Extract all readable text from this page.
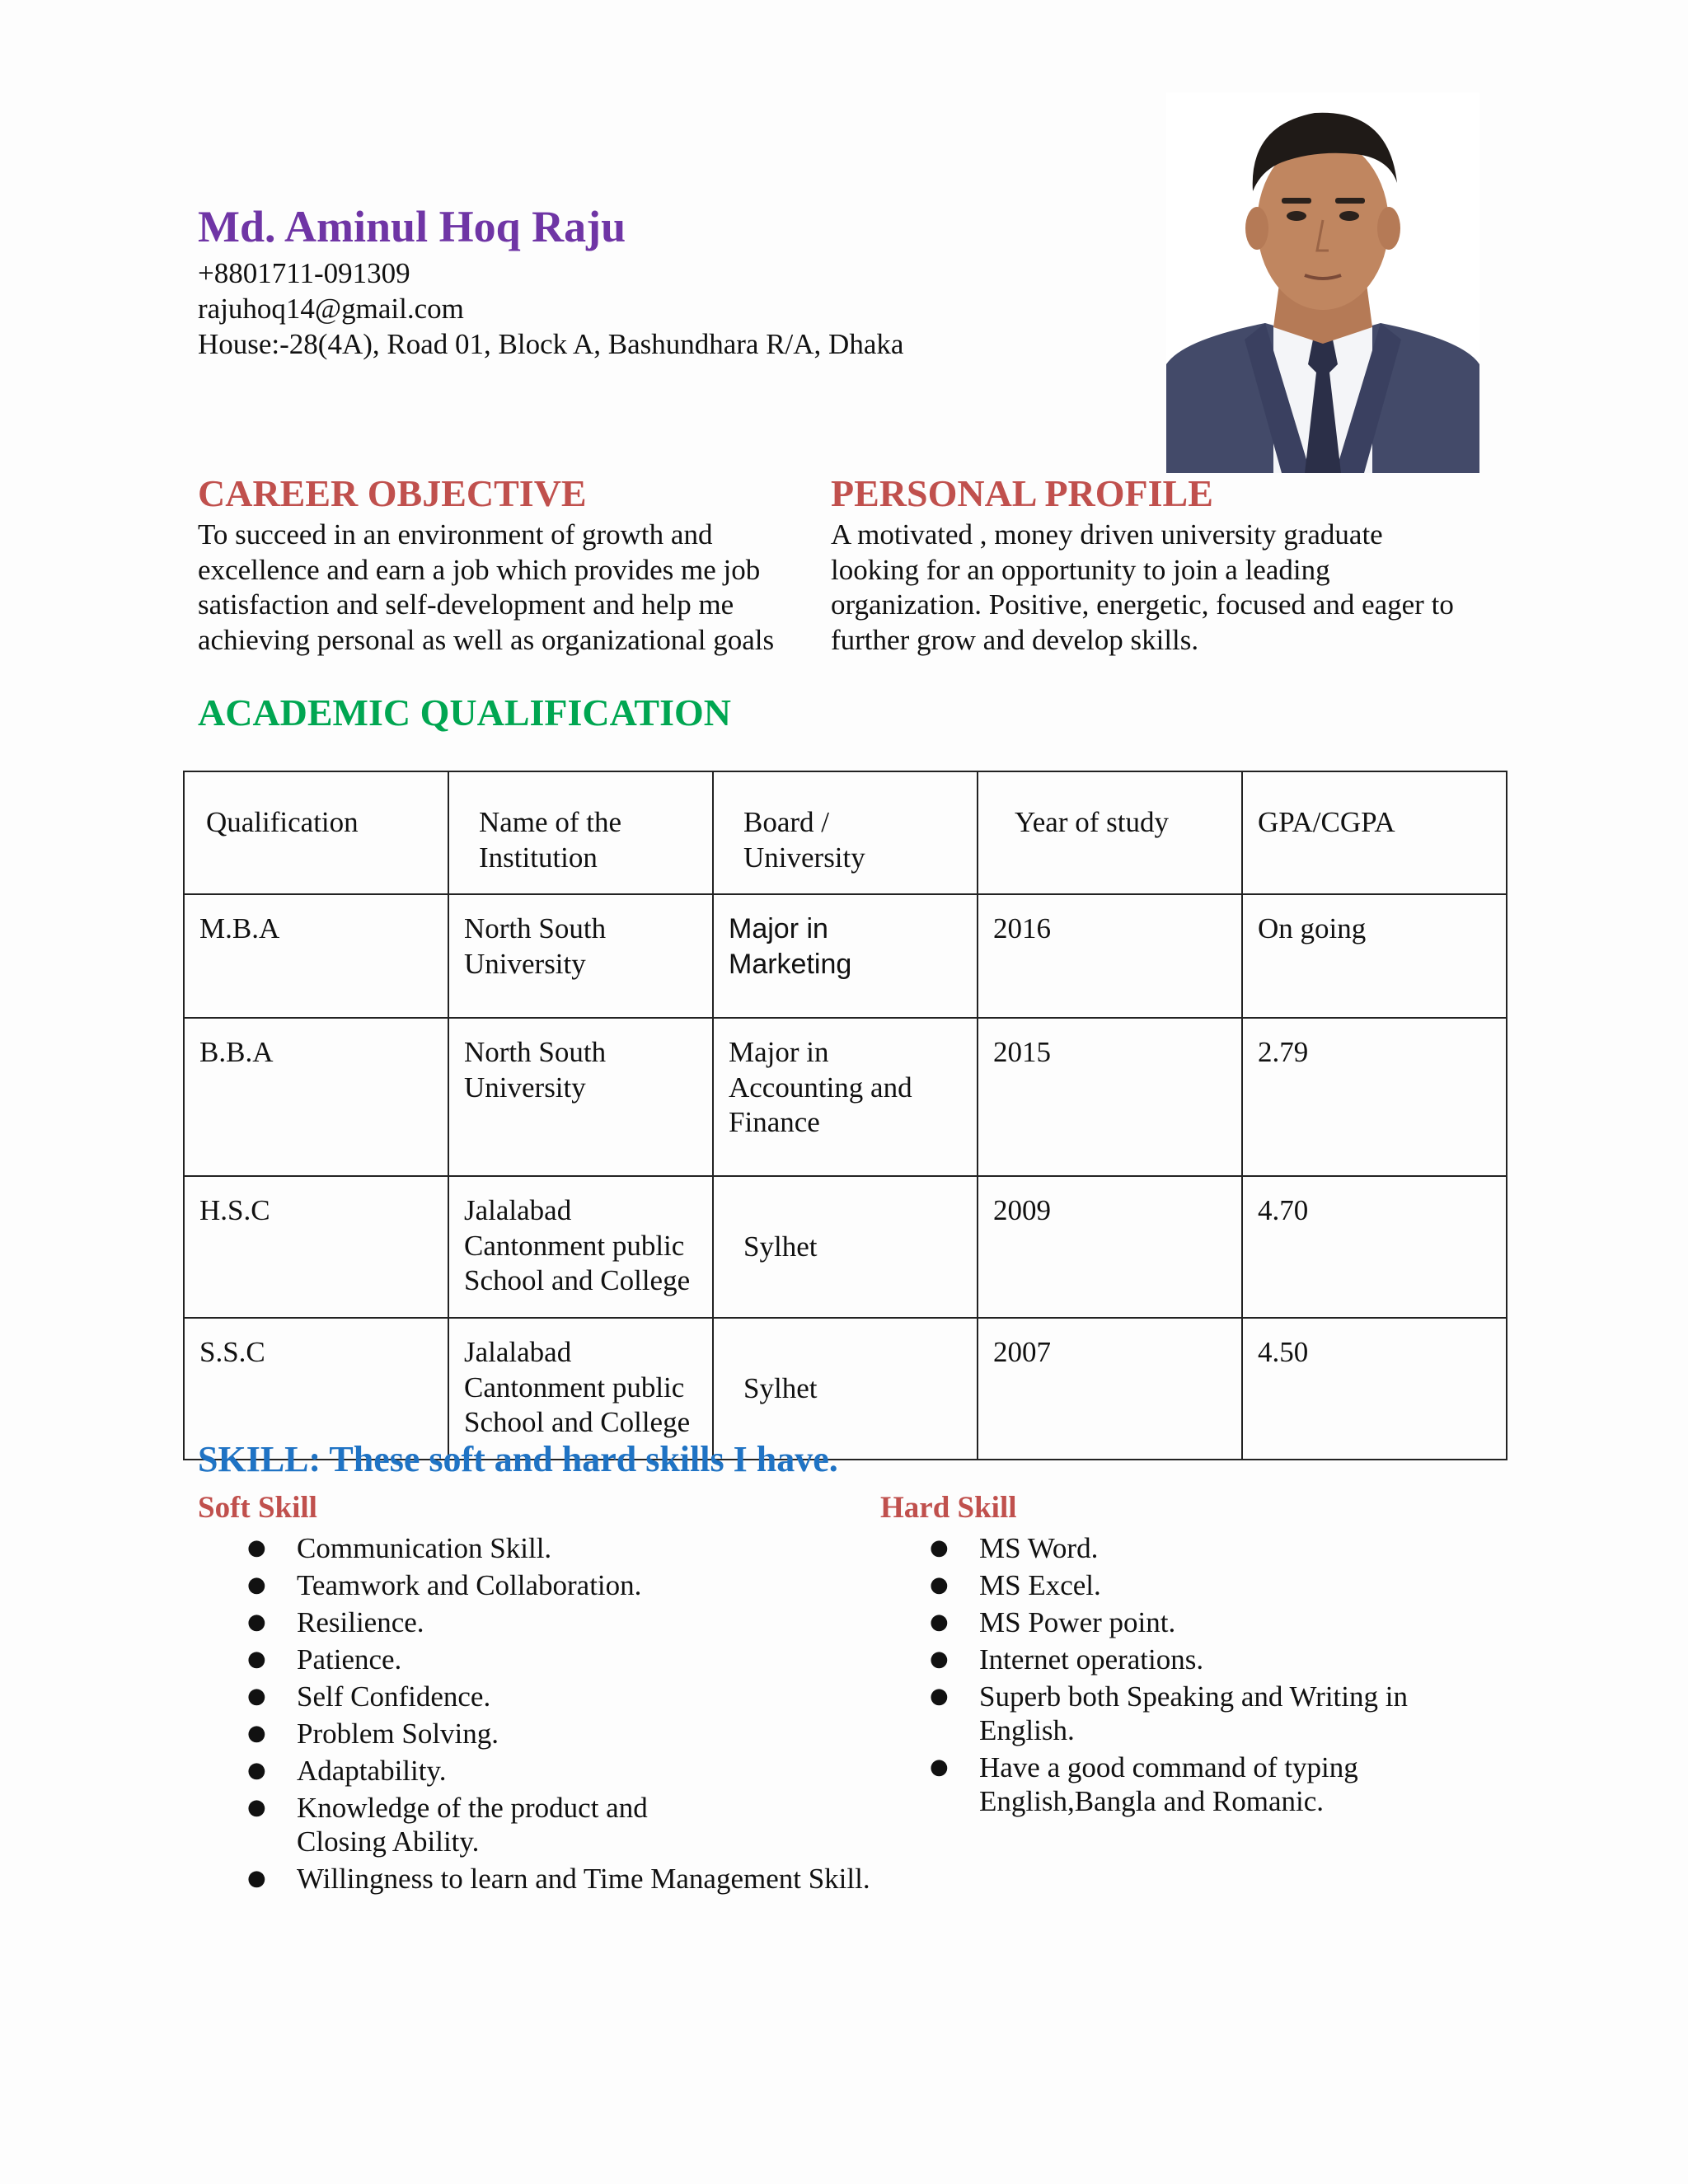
Md. Aminul Hoq Raju
+8801711-091309
rajuhoq14@gmail.com
House:-28(4A), Road 01, Block A, Bashundhara R/A, Dhaka
CAREER OBJECTIVE
To succeed in an environment of growth and excellence and earn a job which provides me job satisfaction and self-development and help me achieving personal as well as organizational goals
PERSONAL PROFILE
A motivated , money driven university graduate looking for an opportunity to join a leading organization. Positive, energetic, focused and eager to further grow and develop skills.
ACADEMIC QUALIFICATION
Qualification	Name of the Institution	Board / University	Year of study	GPA/CGPA
M.B.A	North South University	Major in Marketing	2016	On going
B.B.A	North South University	Major in Accounting and Finance	2015	2.79
H.S.C	Jalalabad Cantonment public School and College	Sylhet	2009	4.70
S.S.C	Jalalabad Cantonment public School and College	Sylhet	2007	4.50
SKILL: These soft and hard skills I have.
Soft Skill	Hard Skill
● Communication Skill.
● Teamwork and Collaboration.
● Resilience.
● Patience.
● Self Confidence.
● Problem Solving.
● Adaptability.
● Knowledge of the product and Closing Ability.
● Willingness to learn and Time Management Skill.
● MS Word.
● MS Excel.
● MS Power point.
● Internet operations.
● Superb both Speaking and Writing in English.
● Have a good command of typing English,Bangla and Romanic.
